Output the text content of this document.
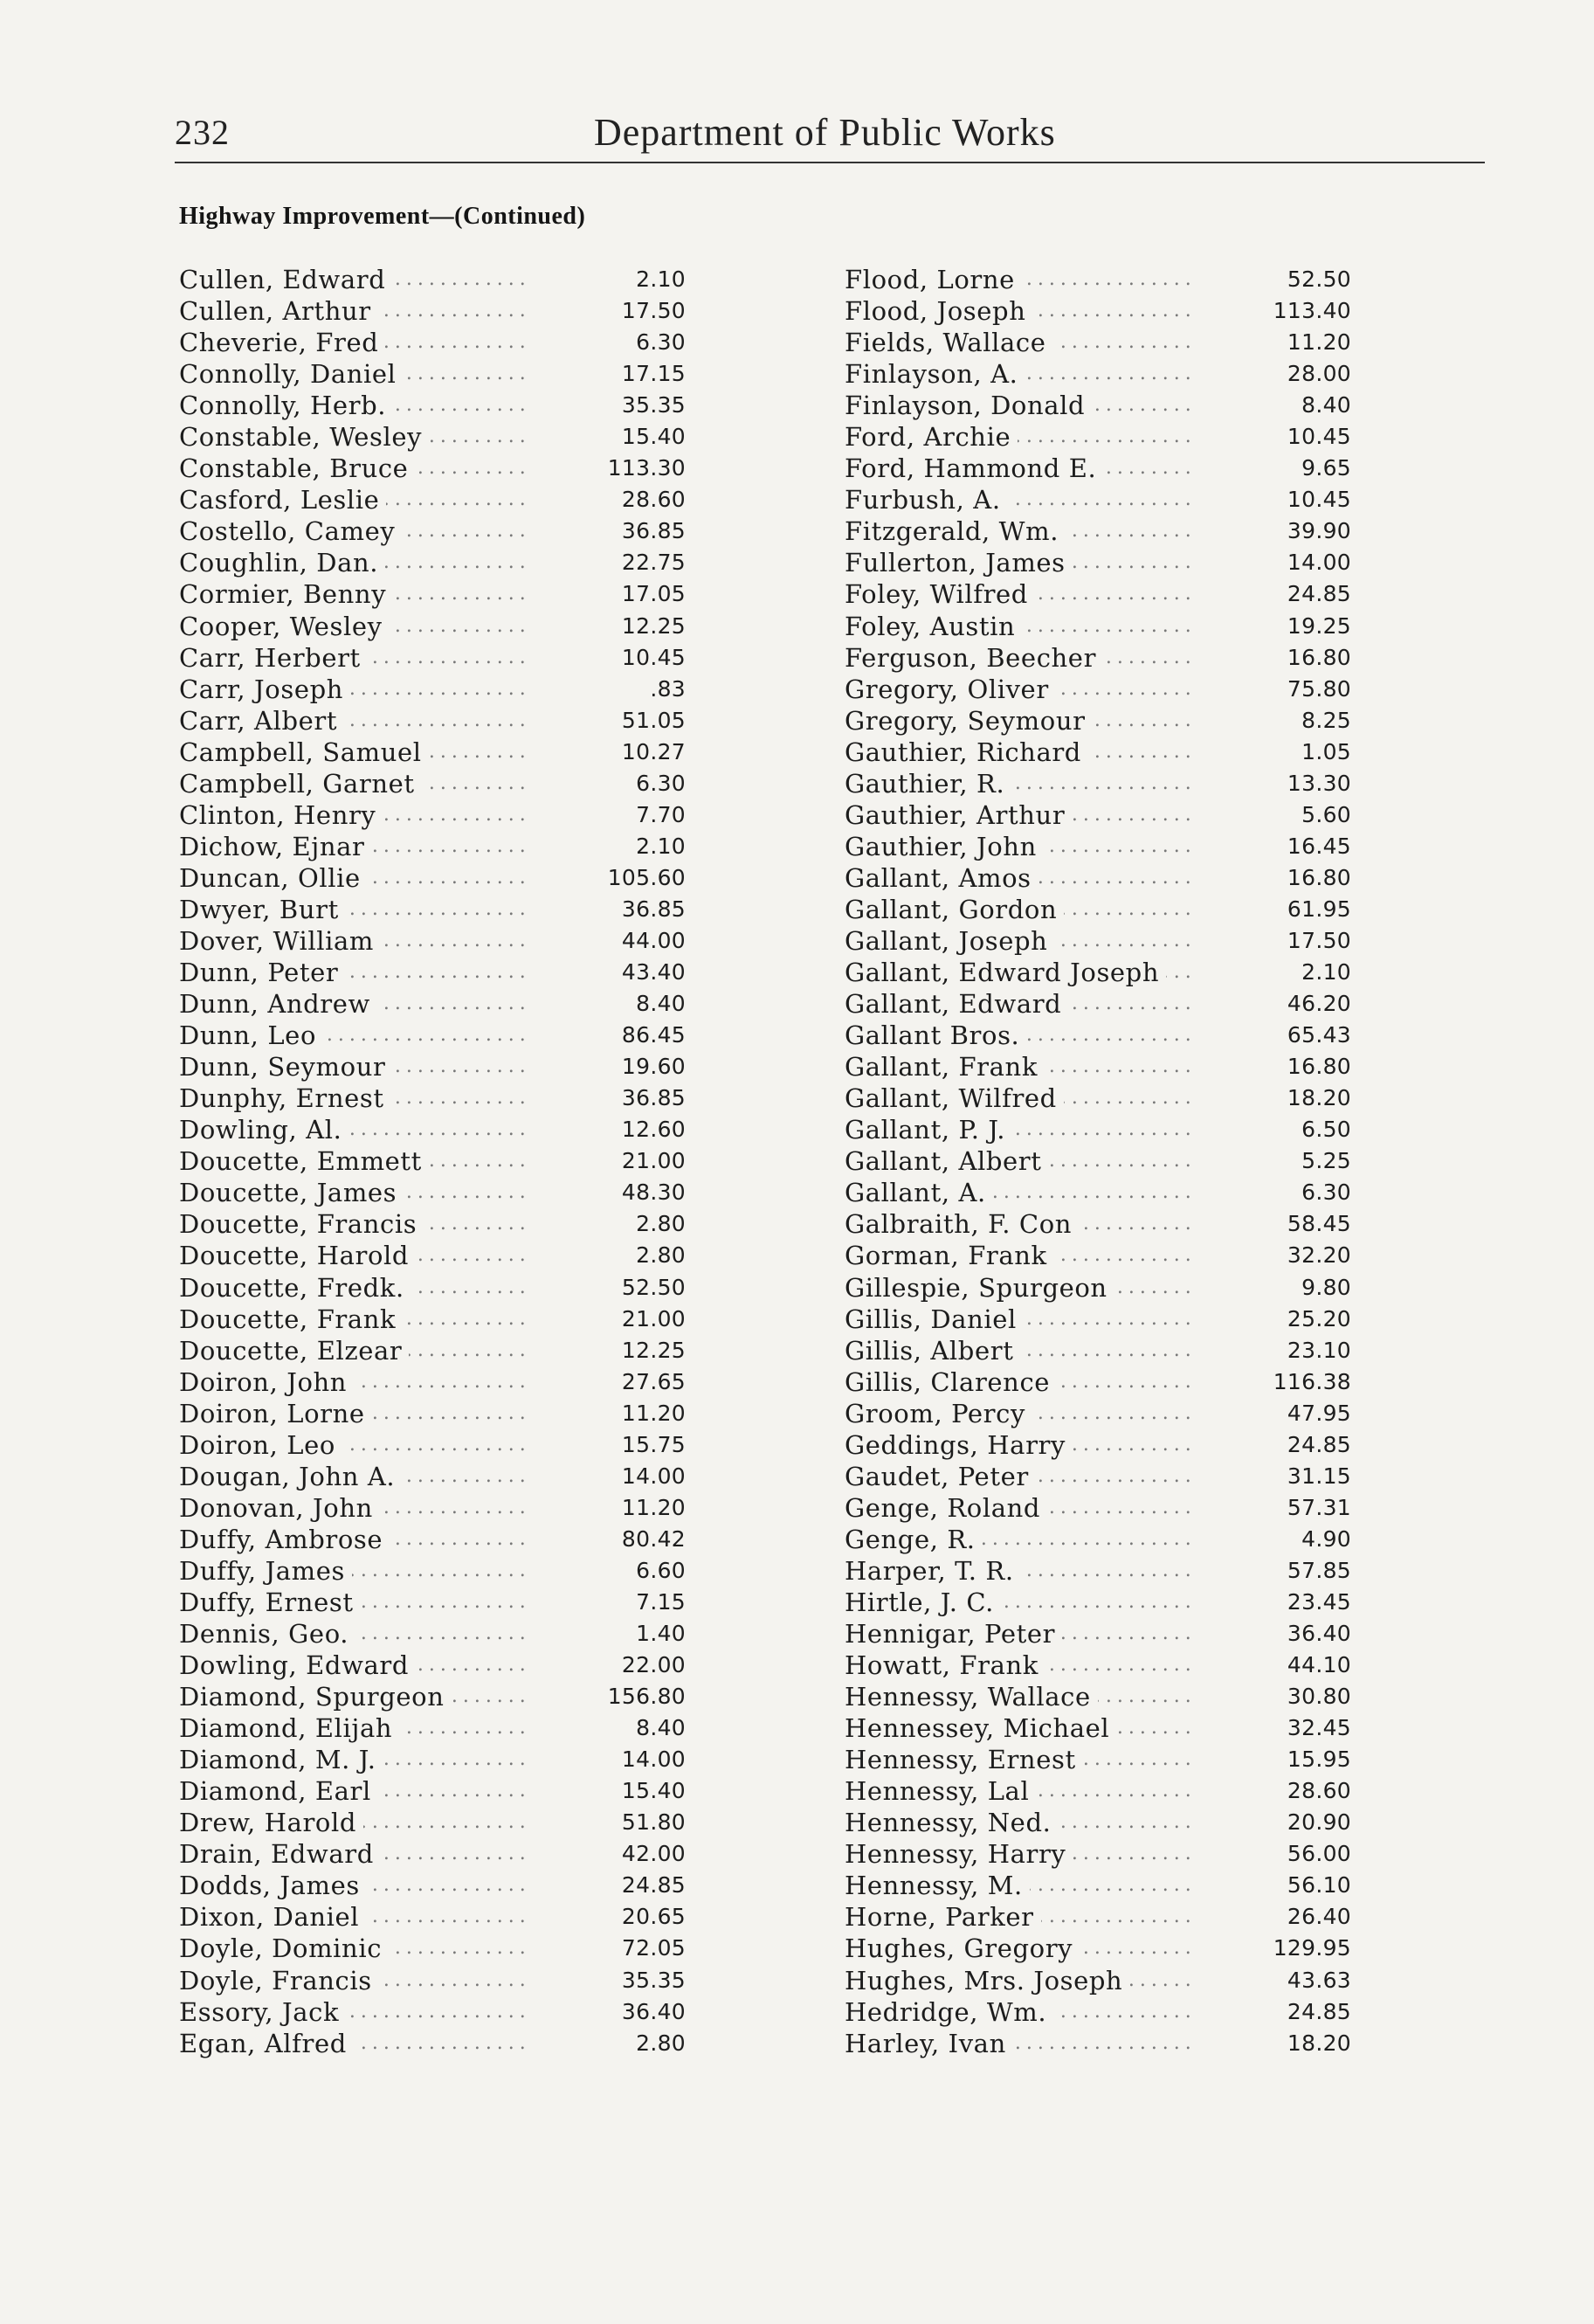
232	Department of Public Works
Highway Improvement—(Continued)
.....
Cullen, Edward	2.10
.....
Cullen, Arthur	17.50
.....
Cheverie, Fred	6.30
.....
Connolly, Daniel	17.15
.....
Connolly, Herb.	35.35
.....
Constable, Wesley	15.40
.....
Constable, Bruce	113.30
.....
Casford, Leslie	28.60
.....
Costello, Camey	36.85
.....
Coughlin, Dan.	22.75
.....
Cormier, Benny	17.05
.....
Cooper, Wesley	12.25
.....
Carr, Herbert	10.45
.....
Carr, Joseph	.83
.....
Carr, Albert	51.05
.....
Campbell, Samuel	10.27
.....
Campbell, Garnet	6.30
.....
Clinton, Henry	7.70
.....
Dichow, Ejnar	2.10
.....
Duncan, Ollie	105.60
.....
Dwyer, Burt	36.85
.....
Dover, William	44.00
.....
Dunn, Peter	43.40
.....
Dunn, Andrew	8.40
.....
Dunn, Leo	86.45
.....
Dunn, Seymour	19.60
.....
Dunphy, Ernest	36.85
.....
Dowling, Al.	12.60
.....
Doucette, Emmett	21.00
.....
Doucette, James	48.30
.....
Doucette, Francis	2.80
.....
Doucette, Harold	2.80
.....
Doucette, Fredk.	52.50
.....
Doucette, Frank	21.00
.....
Doucette, Elzear	12.25
.....
Doiron, John	27.65
.....
Doiron, Lorne	11.20
.....
Doiron, Leo	15.75
.....
Dougan, John A.	14.00
.....
Donovan, John	11.20
.....
Duffy, Ambrose	80.42
.....
Duffy, James	6.60
.....
Duffy, Ernest	7.15
.....
Dennis, Geo.	1.40
.....
Dowling, Edward	22.00
.....
Diamond, Spurgeon	156.80
.....
Diamond, Elijah	8.40
.....
Diamond, M. J.	14.00
.....
Diamond, Earl	15.40
.....
Drew, Harold	51.80
.....
Drain, Edward	42.00
.....
Dodds, James	24.85
.....
Dixon, Daniel	20.65
.....
Doyle, Dominic	72.05
.....
Doyle, Francis	35.35
.....
Essory, Jack	36.40
.....
Egan, Alfred	2.80
.....
Flood, Lorne	52.50
.....
Flood, Joseph	113.40
.....
Fields, Wallace	11.20
.....
Finlayson, A.	28.00
.....
Finlayson, Donald	8.40
.....
Ford, Archie	10.45
.....
Ford, Hammond E.	9.65
.....
Furbush, A.	10.45
.....
Fitzgerald, Wm.	39.90
.....
Fullerton, James	14.00
.....
Foley, Wilfred	24.85
.....
Foley, Austin	19.25
.....
Ferguson, Beecher	16.80
.....
Gregory, Oliver	75.80
.....
Gregory, Seymour	8.25
.....
Gauthier, Richard	1.05
.....
Gauthier, R.	13.30
.....
Gauthier, Arthur	5.60
.....
Gauthier, John	16.45
.....
Gallant, Amos	16.80
.....
Gallant, Gordon	61.95
.....
Gallant, Joseph	17.50
.....
Gallant, Edward Joseph	2.10
.....
Gallant, Edward	46.20
.....
Gallant Bros.	65.43
.....
Gallant, Frank	16.80
.....
Gallant, Wilfred	18.20
.....
Gallant, P. J.	6.50
.....
Gallant, Albert	5.25
.....
Gallant, A.	6.30
.....
Galbraith, F. Con	58.45
.....
Gorman, Frank	32.20
.....
Gillespie, Spurgeon	9.80
.....
Gillis, Daniel	25.20
.....
Gillis, Albert	23.10
.....
Gillis, Clarence	116.38
.....
Groom, Percy	47.95
.....
Geddings, Harry	24.85
.....
Gaudet, Peter	31.15
.....
Genge, Roland	57.31
.....
Genge, R.	4.90
.....
Harper, T. R.	57.85
.....
Hirtle, J. C.	23.45
.....
Hennigar, Peter	36.40
.....
Howatt, Frank	44.10
.....
Hennessy, Wallace	30.80
.....
Hennessey, Michael	32.45
.....
Hennessy, Ernest	15.95
.....
Hennessy, Lal	28.60
.....
Hennessy, Ned.	20.90
.....
Hennessy, Harry	56.00
.....
Hennessy, M.	56.10
.....
Horne, Parker	26.40
.....
Hughes, Gregory	129.95
.....
Hughes, Mrs. Joseph	43.63
.....
Hedridge, Wm.	24.85
.....
Harley, Ivan	18.20
